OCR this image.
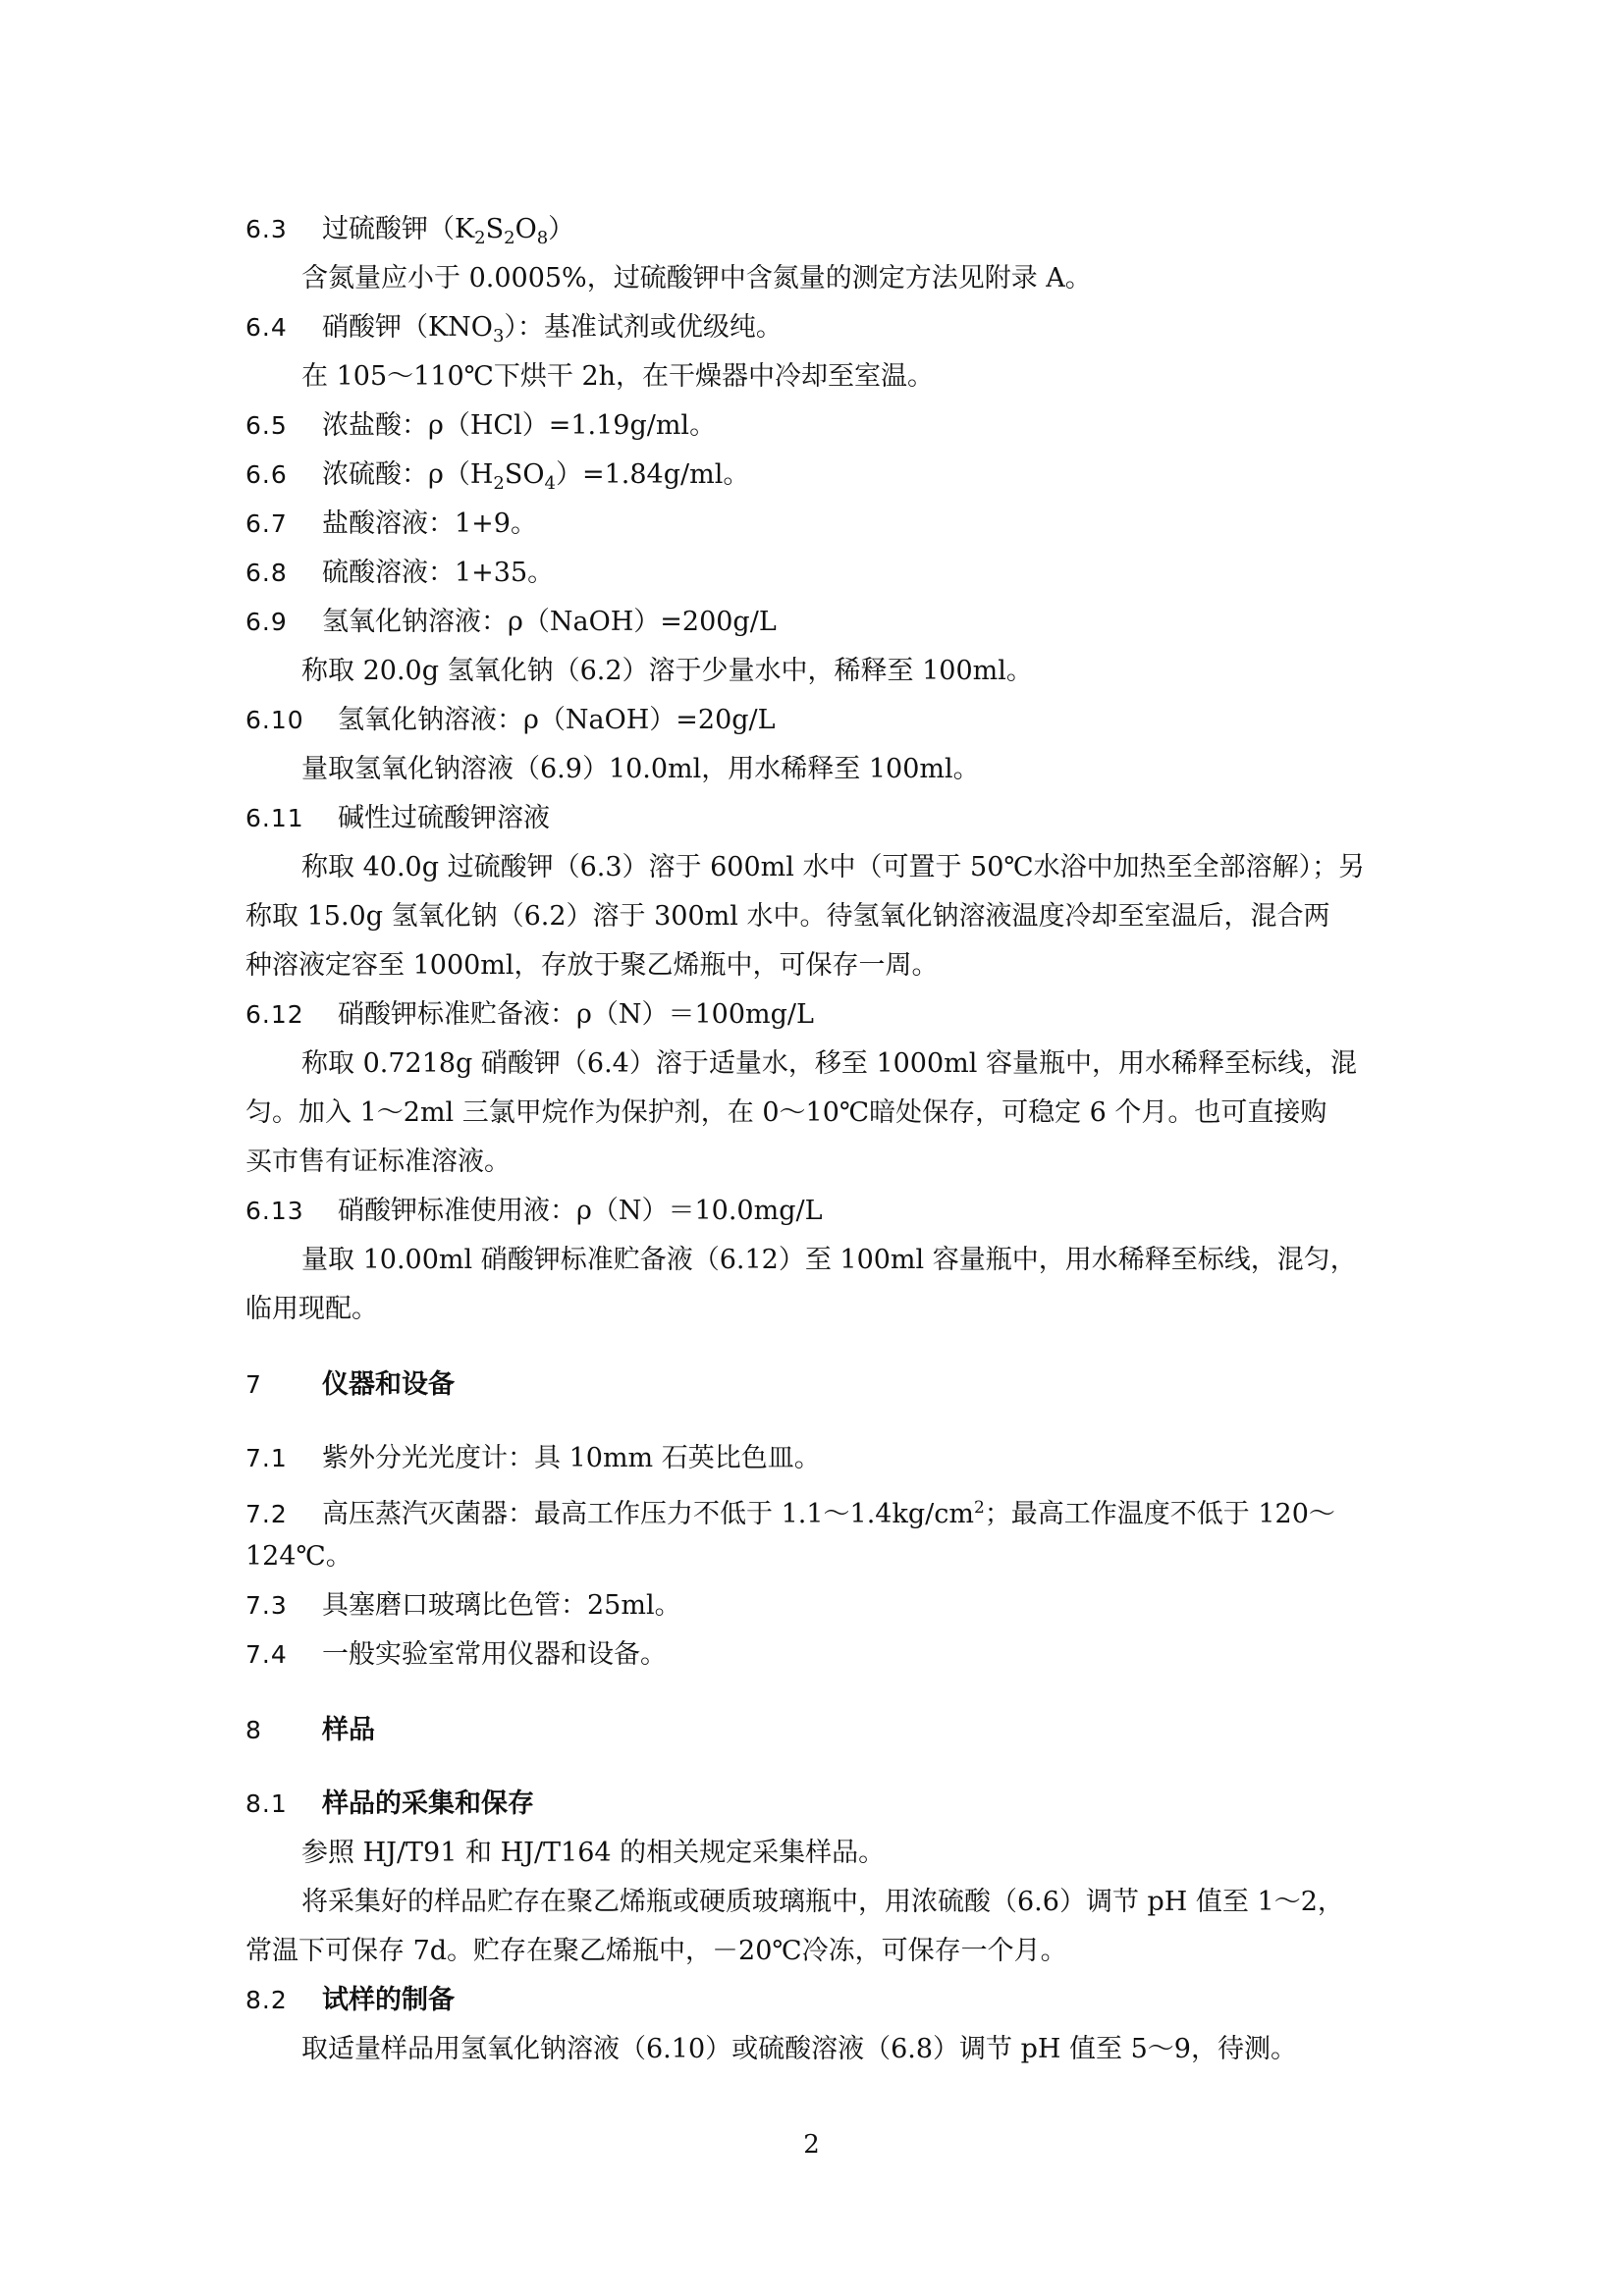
6.3 过硫酸钾$(K_2S_2O_8)$
含氮量应小于 0.0005%，过硫酸钾中含氮量的测定方法见附录 A。
6.4 硝酸钾$(KNO_3)$：基准试剂或优级纯。
在 105～110℃下烘干 2h，在干燥器中冷却至室温。
6.5 浓盐酸：ρ（HCl）=1.19g/ml。
6.6 浓硫酸：$\rho(H_2SO_4)=1.84g/ml$。
6.7 盐酸溶液：1+9。
6.8 硫酸溶液：1+35。
6.9 氢氧化钠溶液：ρ（NaOH）=200g/L
称取 20.0g 氢氧化钠（6.2）溶于少量水中，稀释至 100ml。
6.10 氢氧化钠溶液：ρ（NaOH）=20g/L
量取氢氧化钠溶液（6.9）10.0ml，用水稀释至 100ml。
6.11 碱性过硫酸钾溶液
称取 40.0g 过硫酸钾（6.3）溶于 600ml 水中（可置于 50℃水浴中加热至全部溶解）；另
称取 15.0g 氢氧化钠（6.2）溶于 300ml 水中。待氢氧化钠溶液温度冷却至室温后，混合两
种溶液定容至 1000ml，存放于聚乙烯瓶中，可保存一周。
6.12 硝酸钾标准贮备液：ρ（N）＝100mg/L
称取 0.7218g 硝酸钾（6.4）溶于适量水，移至 1000ml 容量瓶中，用水稀释至标线，混
匀。加入 1～2ml 三氯甲烷作为保护剂，在 0～10℃暗处保存，可稳定 6 个月。也可直接购
买市售有证标准溶液。
6.13 硝酸钾标准使用液：ρ（N）＝10.0mg/L
量取 10.00ml 硝酸钾标准贮备液（6.12）至 100ml 容量瓶中，用水稀释至标线，混匀，
临用现配。
7 仪器和设备
7.1 紫外分光光度计：具 10mm 石英比色皿。
7.2 高压蒸汽灭菌器：最高工作压力不低于 $1.1\sim 1.4kg/cm^2$；最高工作温度不低于 120～
124℃。
7.3 具塞磨口玻璃比色管：25ml。
7.4 一般实验室常用仪器和设备。
8 样品
8.1 样品的采集和保存
参照 HJ/T91 和 HJ/T164 的相关规定采集样品。
将采集好的样品贮存在聚乙烯瓶或硬质玻璃瓶中，用浓硫酸（6.6）调节 pH 值至 1～2，
常温下可保存 7d。贮存在聚乙烯瓶中，－20℃冷冻，可保存一个月。
8.2 试样的制备
取适量样品用氢氧化钠溶液（6.10）或硫酸溶液（6.8）调节 pH 值至 5～9，待测。
2
